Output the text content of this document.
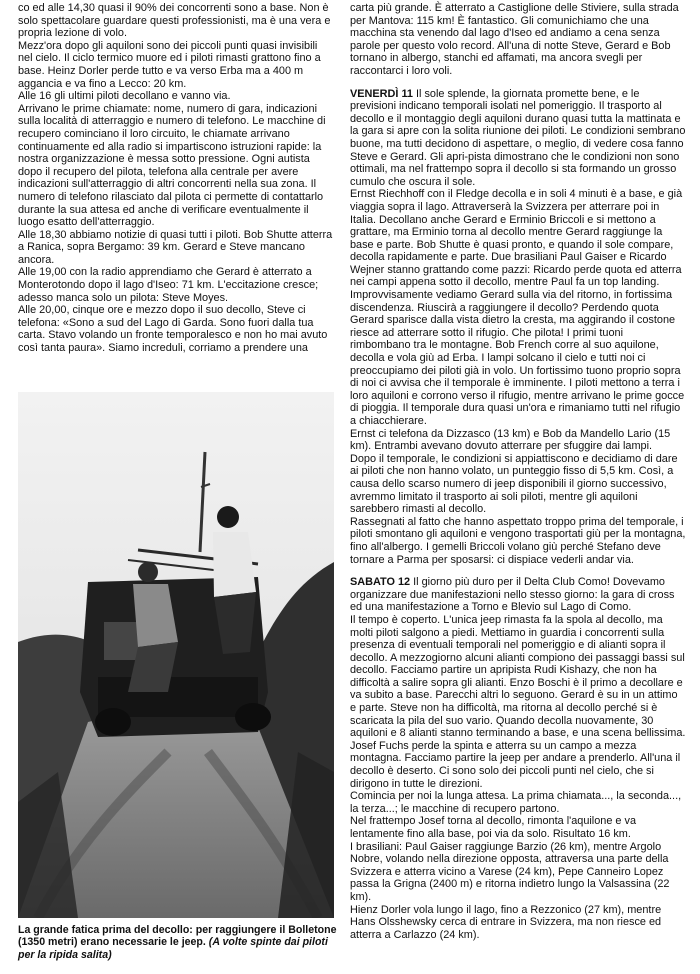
co ed alle 14,30 quasi il 90% dei concorrenti sono a base. Non è solo spettacolare guardare questi professionisti, ma è una vera e propria lezione di volo.

Mezz'ora dopo gli aquiloni sono dei piccoli punti quasi invisibili nel cielo. Il ciclo termico muore ed i piloti rimasti grattono fino a base. Heinz Dorler perde tutto e va verso Erba ma a 400 m aggancia e va fino a Lecco: 20 km.

Alle 16 gli ultimi piloti decollano e vanno via.

Arrivano le prime chiamate: nome, numero di gara, indicazioni sulla località di atterraggio e numero di telefono. Le macchine di recupero cominciano il loro circuito, le chiamate arrivano continuamente ed alla radio si impartiscono istruzioni rapide: la nostra organizzazione è messa sotto pressione. Ogni autista dopo il recupero del pilota, telefona alla centrale per avere indicazioni sull'atterraggio di altri concorrenti nella sua zona. Il numero di telefono rilasciato dal pilota ci permette di contattarlo durante la sua attesa ed anche di verificare eventualmente il luogo esatto dell'atterraggio.

Alle 18,30 abbiamo notizie di quasi tutti i piloti. Bob Shutte atterra a Ranica, sopra Bergamo: 39 km. Gerard e Steve mancano ancora.

Alle 19,00 con la radio apprendiamo che Gerard è atterrato a Monterotondo dopo il lago d'Iseo: 71 km. L'eccitazione cresce; adesso manca solo un pilota: Steve Moyes.

Alle 20,00, cinque ore e mezzo dopo il suo decollo, Steve ci telefona: «Sono a sud del Lago di Garda. Sono fuori dalla tua carta. Stavo volando un fronte temporalesco e non ho mai avuto così tanta paura». Siamo increduli, corriamo a prendere una

La grande fatica prima del decollo: per raggiungere il Bolletone (1350 metri) erano necessarie le jeep. (A volte spinte dai piloti per la ripida salita)

carta più grande. È atterrato a Castiglione delle Stiviere, sulla strada per Mantova: 115 km! È fantastico. Gli comunichiamo che una macchina sta venendo dal lago d'Iseo ed andiamo a cena senza parole per questo volo record. All'una di notte Steve, Gerard e Bob tornano in albergo, stanchi ed affamati, ma ancora svegli per raccontarci i loro voli.

VENERDÌ 11 Il sole splende, la giornata promette bene, e le previsioni indicano temporali isolati nel pomeriggio. Il trasporto al decollo e il montaggio degli aquiloni durano quasi tutta la mattinata e la gara si apre con la solita riunione dei piloti. Le condizioni sembrano buone, ma tutti decidono di aspettare, o meglio, di vedere cosa fanno Steve e Gerard. Gli apri-pista dimostrano che le condizioni non sono ottimali, ma nel frattempo sopra il decollo si sta formando un grosso cumulo che oscura il sole.

Ernst Riechhoff con il Fledge decolla e in soli 4 minuti è a base, e già viaggia sopra il lago. Attraverserà la Svizzera per atterrare poi in Italia. Decollano anche Gerard e Erminio Briccoli e si mettono a grattare, ma Erminio torna al decollo mentre Gerard raggiunge la base e parte. Bob Shutte è quasi pronto, e quando il sole compare, decolla rapidamente e parte. Due brasiliani Paul Gaiser e Ricardo Wejner stanno grattando come pazzi: Ricardo perde quota ed atterra nei campi appena sotto il decollo, mentre Paul fa un top landing.

Improvvisamente vediamo Gerard sulla via del ritorno, in fortissima discendenza. Riuscirà a raggiungere il decollo? Perdendo quota Gerard sparisce dalla vista dietro la cresta, ma aggirando il costone riesce ad atterrare sotto il rifugio. Che pilota! I primi tuoni rimbombano tra le montagne. Bob French corre al suo aquilone, decolla e vola giù ad Erba. I lampi solcano il cielo e tutti noi ci preoccupiamo dei piloti già in volo. Un fortissimo tuono proprio sopra di noi ci avvisa che il temporale è imminente. I piloti mettono a terra i loro aquiloni e corrono verso il rifugio, mentre arrivano le prime gocce di pioggia. Il temporale dura quasi un'ora e rimaniamo tutti nel rifugio a chiacchierare.

Ernst ci telefona da Dizzasco (13 km) e Bob da Mandello Lario (15 km). Entrambi avevano dovuto atterrare per sfuggire dai lampi.

Dopo il temporale, le condizioni si appiattiscono e decidiamo di dare ai piloti che non hanno volato, un punteggio fisso di 5,5 km. Così, a causa dello scarso numero di jeep disponibili il giorno successivo, avremmo limitato il trasporto ai soli piloti, mentre gli aquiloni sarebbero rimasti al decollo.

Rassegnati al fatto che hanno aspettato troppo prima del temporale, i piloti smontano gli aquiloni e vengono trasportati giù per la montagna, fino all'albergo. I gemelli Briccoli volano giù perché Stefano deve tornare a Parma per sposarsi: ci dispiace vederli andar via.

SABATO 12 Il giorno più duro per il Delta Club Como! Dovevamo organizzare due manifestazioni nello stesso giorno: la gara di cross ed una manifestazione a Torno e Blevio sul Lago di Como.

Il tempo è coperto. L'unica jeep rimasta fa la spola al decollo, ma molti piloti salgono a piedi. Mettiamo in guardia i concorrenti sulla presenza di eventuali temporali nel pomeriggio e di alianti sopra il decollo. A mezzogiorno alcuni alianti compiono dei passaggi bassi sul decollo. Facciamo partire un apripista Rudi Kishazy, che non ha difficoltà a salire sopra gli alianti. Enzo Boschi è il primo a decollare e va subito a base. Parecchi altri lo seguono. Gerard è su in un attimo e parte. Steve non ha difficoltà, ma ritorna al decollo perché si è scaricata la pila del suo vario. Quando decolla nuovamente, 30 aquiloni e 8 alianti stanno terminando a base, e una scena bellissima.

Josef Fuchs perde la spinta e atterra su un campo a mezza montagna. Facciamo partire la jeep per andare a prenderlo. All'una il decollo è deserto. Ci sono solo dei piccoli punti nel cielo, che si dirigono in tutte le direzioni.

Comincia per noi la lunga attesa. La prima chiamata..., la seconda..., la terza...; le macchine di recupero partono.

Nel frattempo Josef torna al decollo, rimonta l'aquilone e va lentamente fino alla base, poi via da solo. Risultato 16 km.

I brasiliani: Paul Gaiser raggiunge Barzio (26 km), mentre Argolo Nobre, volando nella direzione opposta, attraversa una parte della Svizzera e atterra vicino a Varese (24 km), Pepe Canneiro Lopez passa la Grigna (2400 m) e ritorna indietro lungo la Valsassina (22 km).

Hienz Dorler vola lungo il lago, fino a Rezzonico (27 km), mentre Hans Olsshewsky cerca di entrare in Svizzera, ma non riesce ed atterra a Carlazzo (24 km).
